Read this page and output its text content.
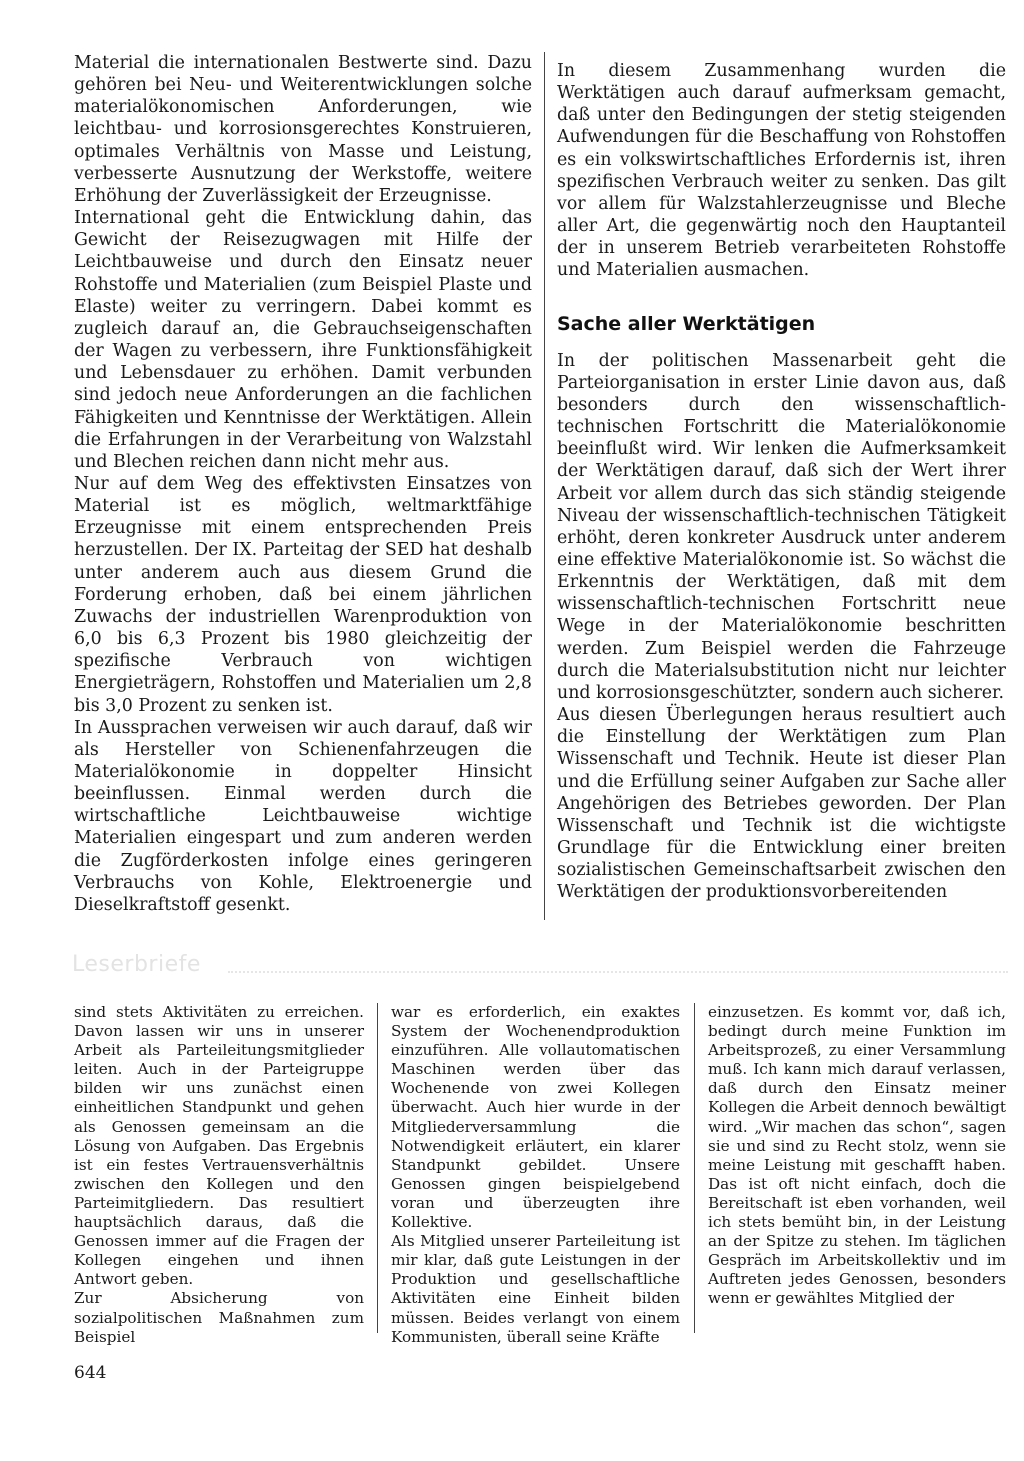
Material die internationalen Bestwerte sind. Dazu gehören bei Neu- und Weiterentwicklungen solche materialökonomischen Anforderungen, wie leichtbau- und korrosionsgerechtes Konstruieren, optimales Verhältnis von Masse und Leistung, verbesserte Ausnutzung der Werkstoffe, weitere Erhöhung der Zuverlässigkeit der Erzeugnisse.

International geht die Entwicklung dahin, das Gewicht der Reisezugwagen mit Hilfe der Leichtbauweise und durch den Einsatz neuer Rohstoffe und Materialien (zum Beispiel Plaste und Elaste) weiter zu verringern. Dabei kommt es zugleich darauf an, die Gebrauchseigenschaften der Wagen zu verbessern, ihre Funktionsfähigkeit und Lebensdauer zu erhöhen. Damit verbunden sind jedoch neue Anforderungen an die fachlichen Fähigkeiten und Kenntnisse der Werktätigen. Allein die Erfahrungen in der Verarbeitung von Walzstahl und Blechen reichen dann nicht mehr aus.

Nur auf dem Weg des effektivsten Einsatzes von Material ist es möglich, weltmarktfähige Erzeugnisse mit einem entsprechenden Preis herzustellen. Der IX. Parteitag der SED hat deshalb unter anderem auch aus diesem Grund die Forderung erhoben, daß bei einem jährlichen Zuwachs der industriellen Warenproduktion von 6,0 bis 6,3 Prozent bis 1980 gleichzeitig der spezifische Verbrauch von wichtigen Energieträgern, Rohstoffen und Materialien um 2,8 bis 3,0 Prozent zu senken ist.

In Aussprachen verweisen wir auch darauf, daß wir als Hersteller von Schienenfahrzeugen die Materialökonomie in doppelter Hinsicht beeinflussen. Einmal werden durch die wirtschaftliche Leichtbauweise wichtige Materialien eingespart und zum anderen werden die Zugförderkosten infolge eines geringeren Verbrauchs von Kohle, Elektroenergie und Dieselkraftstoff gesenkt.

In diesem Zusammenhang wurden die Werktätigen auch darauf aufmerksam gemacht, daß unter den Bedingungen der stetig steigenden Aufwendungen für die Beschaffung von Rohstoffen es ein volkswirtschaftliches Erfordernis ist, ihren spezifischen Verbrauch weiter zu senken. Das gilt vor allem für Walzstahlerzeugnisse und Bleche aller Art, die gegenwärtig noch den Hauptanteil der in unserem Betrieb verarbeiteten Rohstoffe und Materialien ausmachen.

Sache aller Werktätigen

In der politischen Massenarbeit geht die Parteiorganisation in erster Linie davon aus, daß besonders durch den wissenschaftlich-technischen Fortschritt die Materialökonomie beeinflußt wird. Wir lenken die Aufmerksamkeit der Werktätigen darauf, daß sich der Wert ihrer Arbeit vor allem durch das sich ständig steigende Niveau der wissenschaftlich-technischen Tätigkeit erhöht, deren konkreter Ausdruck unter anderem eine effektive Materialökonomie ist. So wächst die Erkenntnis der Werktätigen, daß mit dem wissenschaftlich-technischen Fortschritt neue Wege in der Materialökonomie beschritten werden. Zum Beispiel werden die Fahrzeuge durch die Materialsubstitution nicht nur leichter und korrosionsgeschützter, sondern auch sicherer.

Aus diesen Überlegungen heraus resultiert auch die Einstellung der Werktätigen zum Plan Wissenschaft und Technik. Heute ist dieser Plan und die Erfüllung seiner Aufgaben zur Sache aller Angehörigen des Betriebes geworden. Der Plan Wissenschaft und Technik ist die wichtigste Grundlage für die Entwicklung einer breiten sozialistischen Gemeinschaftsarbeit zwischen den Werktätigen der produktionsvorbereitenden

Leserbriefe

sind stets Aktivitäten zu erreichen. Davon lassen wir uns in unserer Arbeit als Parteileitungsmitglieder leiten. Auch in der Parteigruppe bilden wir uns zunächst einen einheitlichen Standpunkt und gehen als Genossen gemeinsam an die Lösung von Aufgaben. Das Ergebnis ist ein festes Vertrauensverhältnis zwischen den Kollegen und den Parteimitgliedern. Das resultiert hauptsächlich daraus, daß die Genossen immer auf die Fragen der Kollegen eingehen und ihnen Antwort geben.

Zur Absicherung von sozialpolitischen Maßnahmen zum Beispiel

war es erforderlich, ein exaktes System der Wochenendproduktion einzuführen. Alle vollautomatischen Maschinen werden über das Wochenende von zwei Kollegen überwacht. Auch hier wurde in der Mitgliederversammlung die Notwendigkeit erläutert, ein klarer Standpunkt gebildet. Unsere Genossen gingen beispielgebend voran und überzeugten ihre Kollektive.

Als Mitglied unserer Parteileitung ist mir klar, daß gute Leistungen in der Produktion und gesellschaftliche Aktivitäten eine Einheit bilden müssen. Beides verlangt von einem Kommunisten, überall seine Kräfte

einzusetzen. Es kommt vor, daß ich, bedingt durch meine Funktion im Arbeitsprozeß, zu einer Versammlung muß. Ich kann mich darauf verlassen, daß durch den Einsatz meiner Kollegen die Arbeit dennoch bewältigt wird. „Wir machen das schon“, sagen sie und sind zu Recht stolz, wenn sie meine Leistung mit geschafft haben. Das ist oft nicht einfach, doch die Bereitschaft ist eben vorhanden, weil ich stets bemüht bin, in der Leistung an der Spitze zu stehen. Im täglichen Gespräch im Arbeitskollektiv und im Auftreten jedes Genossen, besonders wenn er gewähltes Mitglied der

644
